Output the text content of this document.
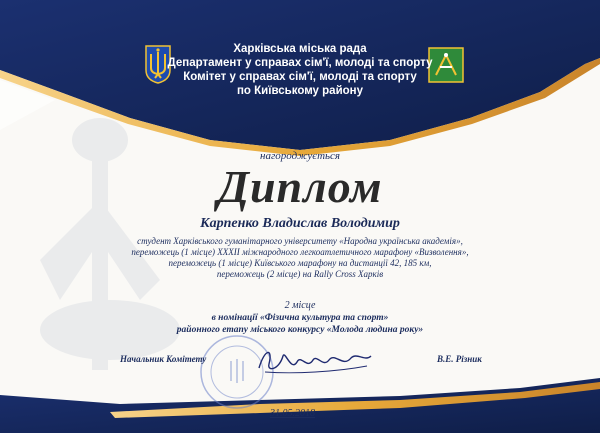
Харківська міська рада
Департамент у справах сім'ї, молоді та спорту
Комітет у справах сім'ї, молоді та спорту
по Київському району
нагороджується
Диплом
Карпенко Владислав Володимир
студент Харківського гуманітарного університету «Народна українська академія»,
переможець (1 місце) ХХХІІ міжнародного легкоатлетичного марафону «Визволення»,
переможець (1 місце) Київського марафону на дистанції 42, 185 км,
переможець (2 місце) на Rally Cross Харків
2 місце
в номінації «Фізична культура та спорт»
районного етапу міського конкурсу «Молода людина року»
Начальник Комітету	В.Е. Різник
31.05.2018
